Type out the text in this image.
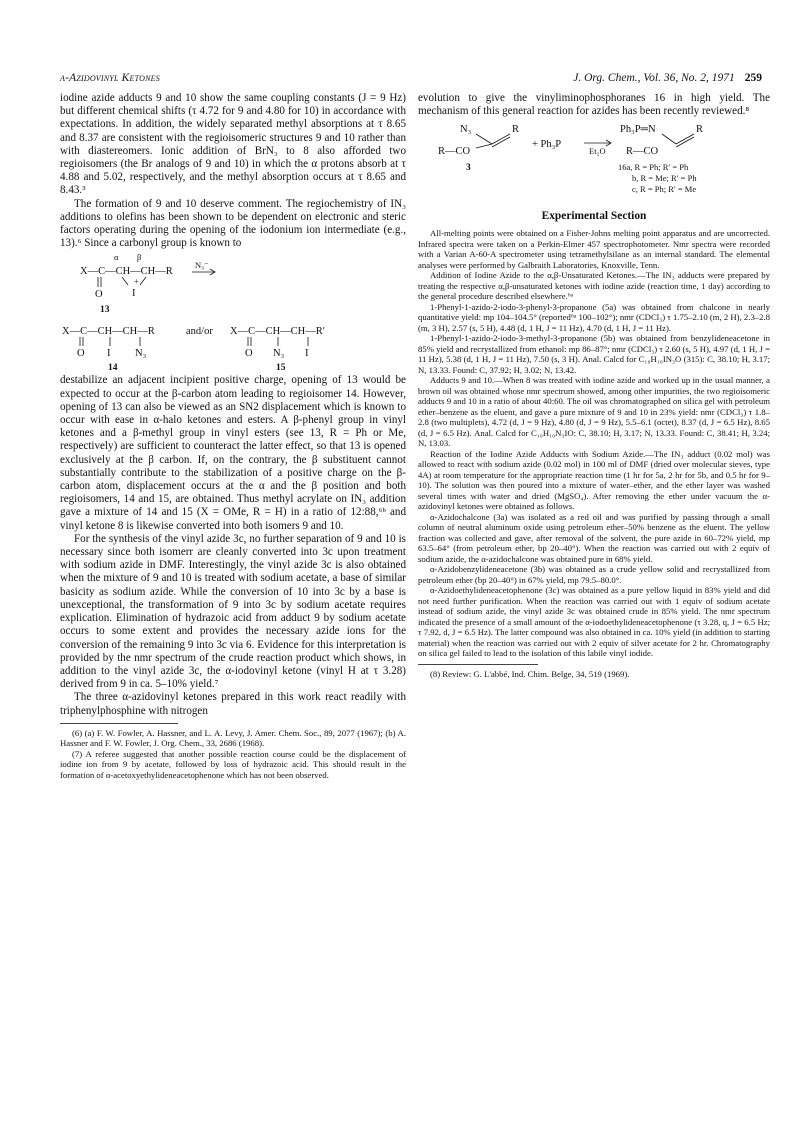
α-Azidovinyl Ketones	J. Org. Chem., Vol. 36, No. 2, 1971 259

iodine azide adducts 9 and 10 show the same coupling constants (J = 9 Hz) but different chemical shifts (τ 4.72 for 9 and 4.80 for 10) in accordance with expectations. In addition, the widely separated methyl absorptions at τ 8.65 and 8.37 are consistent with the regioisomeric structures 9 and 10 rather than with diastereomers. Ionic addition of BrN₃ to 8 also afforded two regioisomers (the Br analogs of 9 and 10) in which the α protons absorb at τ 4.88 and 5.02, respectively, and the methyl absorption occurs at τ 8.65 and 8.43.³

The formation of 9 and 10 deserve comment. The regiochemistry of IN₃ additions to olefins has been shown to be dependent on electronic and steric factors operating during the opening of the iodonium ion intermediate (e.g., 13).⁶ Since a carbonyl group is known to

α β
X—C—CH—CH—R
N₃⁻
O
+
I
13
X—C—CH—CH—R	and/or X—C—CH—CH—R′
O I N₃	O N₃ I
14	15

destabilize an adjacent incipient positive charge, opening of 13 would be expected to occur at the β-carbon atom leading to regioisomer 14. However, opening of 13 can also be viewed as an SN2 displacement which is known to occur with ease in α-halo ketones and esters. A β-phenyl group in vinyl ketones and a β-methyl group in vinyl esters (see 13, R = Ph or Me, respectively) are sufficient to counteract the latter effect, so that 13 is opened exclusively at the β carbon. If, on the contrary, the β substituent cannot substantially contribute to the stabilization of a positive charge on the β-carbon atom, displacement occurs at the α and the β position and both regioisomers, 14 and 15, are obtained. Thus methyl acrylate on IN₃ addition gave a mixture of 14 and 15 (X = OMe, R = H) in a ratio of 12:88,⁶ᵇ and vinyl ketone 8 is likewise converted into both isomers 9 and 10.

For the synthesis of the vinyl azide 3c, no further separation of 9 and 10 is necessary since both isomerr are cleanly converted into 3c upon treatment with sodium azide in DMF. Interestingly, the vinyl azide 3c is also obtained when the mixture of 9 and 10 is treated with sodium acetate, a base of similar basicity as sodium azide. While the conversion of 10 into 3c by a base is unexceptional, the transformation of 9 into 3c by sodium acetate requires explication. Elimination of hydrazoic acid from adduct 9 by sodium acetate occurs to some extent and provides the necessary azide ions for the conversion of the remaining 9 into 3c via 6. Evidence for this interpretation is provided by the nmr spectrum of the crude reaction product which shows, in addition to the vinyl azide 3c, the α-iodovinyl ketone (vinyl H at τ 3.28) derived from 9 in ca. 5–10% yield.⁷

The three α-azidovinyl ketones prepared in this work react readily with triphenylphosphine with nitrogen

(6) (a) F. W. Fowler, A. Hassner, and L. A. Levy, J. Amer. Chem. Soc., 89, 2077 (1967); (b) A. Hassner and F. W. Fowler, J. Org. Chem., 33, 2686 (1968).

(7) A referee suggested that another possible reaction course could be the displacement of iodine ion from 9 by acetate, followed by loss of hydrazoic acid. This should result in the formation of α-acetoxyethylideneacetophenone which has not been observed.

evolution to give the vinyliminophosphoranes 16 in high yield. The mechanism of this general reaction for azides has been recently reviewed.⁸

N₃	R
R—CO
3
+ Ph₃P
Et₂O
Ph₃P═N	R
R—CO
16a, R = Ph; R′ = Ph
b, R = Me; R′ = Ph
c, R = Ph; R′ = Me
Experimental Section

All-melting points were obtained on a Fisher-Johns melting point apparatus and are uncorrected. Infrared spectra were taken on a Perkin-Elmer 457 spectrophotometer. Nmr spectra were recorded with a Varian A-60-A spectrometer using tetramethylsilane as an internal standard. The elemental analyses were performed by Galbraith Laboratories, Knoxville, Tenn.

Addition of Iodine Azide to the α,β-Unsaturated Ketones.—The IN₃ adducts were prepared by treating the respective α,β-unsaturated ketones with iodine azide (reaction time, 1 day) according to the general procedure described elsewhere.⁶ᵃ

1-Phenyl-1-azido-2-iodo-3-phenyl-3-propanone (5a) was obtained from chalcone in nearly quantitative yield: mp 104–104.5° (reported⁶ᵃ 100–102°); nmr (CDCl₃) τ 1.75–2.10 (m, 2 H), 2.3–2.8 (m, 3 H), 2.57 (s, 5 H), 4.48 (d, 1 H, J = 11 Hz), 4.70 (d, 1 H, J = 11 Hz).

1-Phenyl-1-azido-2-iodo-3-methyl-3-propanone (5b) was obtained from benzylideneacetone in 85% yield and recrystallized from ethanol: mp 86–87°; nmr (CDCl₃) τ 2.60 (s, 5 H), 4.97 (d, 1 H, J = 11 Hz), 5.38 (d, 1 H, J = 11 Hz), 7.50 (s, 3 H). Anal. Calcd for C₁₀H₁₀IN₃O (315): C, 38.10; H, 3.17; N, 13.33. Found: C, 37.92; H, 3.02; N, 13.42.

Adducts 9 and 10.—When 8 was treated with iodine azide and worked up in the usual manner, a brown oil was obtained whose nmr spectrum showed, among other impurities, the two regioisomeric adducts 9 and 10 in a ratio of about 40:60. The oil was chromatographed on silica gel with petroleum ether–benzene as the eluent, and gave a pure mixture of 9 and 10 in 23% yield: nmr (CDCl₃) τ 1.8–2.8 (two multiplets), 4.72 (d, J = 9 Hz), 4.80 (d, J = 9 Hz), 5.5–6.1 (octet), 8.37 (d, J = 6.5 Hz), 8.65 (d, J = 6.5 Hz). Anal. Calcd for C₁₀H₁₀N₃IO: C, 38.10; H, 3.17; N, 13.33. Found: C, 38.41; H, 3.24; N, 13.03.

Reaction of the Iodine Azide Adducts with Sodium Azide.—The IN₃ adduct (0.02 mol) was allowed to react with sodium azide (0.02 mol) in 100 ml of DMF (dried over molecular sieves, type 4A) at room temperature for the appropriate reaction time (1 hr for 5a, 2 hr for 5b, and 0.5 hr for 9–10). The solution was then poured into a mixture of water–ether, and the ether layer was washed several times with water and dried (MgSO₄). After removing the ether under vacuum the α-azidovinyl ketones were obtained as follows.

α-Azidochalcone (3a) was isolated as a red oil and was purified by passing through a small column of neutral aluminum oxide using petroleum ether–50% benzene as the eluent. The yellow fraction was collected and gave, after removal of the solvent, the pure azide in 60–72% yield, mp 63.5–64° (from petroleum ether, bp 20–40°). When the reaction was carried out with 2 equiv of sodium azide, the α-azidochalcone was obtained pure in 68% yield.

α-Azidobenzylideneacetone (3b) was obtained as a crude yellow solid and recrystallized from petroleum ether (bp 20–40°) in 67% yield, mp 79.5–80.0°.

α-Azidoethylideneacetophenone (3c) was obtained as a pure yellow liquid in 83% yield and did not need further purification. When the reaction was carried out with 1 equiv of sodium acetate instead of sodium azide, the vinyl azide 3c was obtained crude in 85% yield. The nmr spectrum indicated the presence of a small amount of the α-iodoethylideneacetophenone (τ 3.28, q, J = 6.5 Hz; τ 7.92, d, J = 6.5 Hz). The latter compound was also obtained in ca. 10% yield (in addition to starting material) when the reaction was carried out with 2 equiv of silver acetate for 2 hr. Chromatography on silica gel failed to lead to the isolation of this labile vinyl iodide.

(8) Review: G. L'abbé, Ind. Chim. Belge, 34, 519 (1969).
